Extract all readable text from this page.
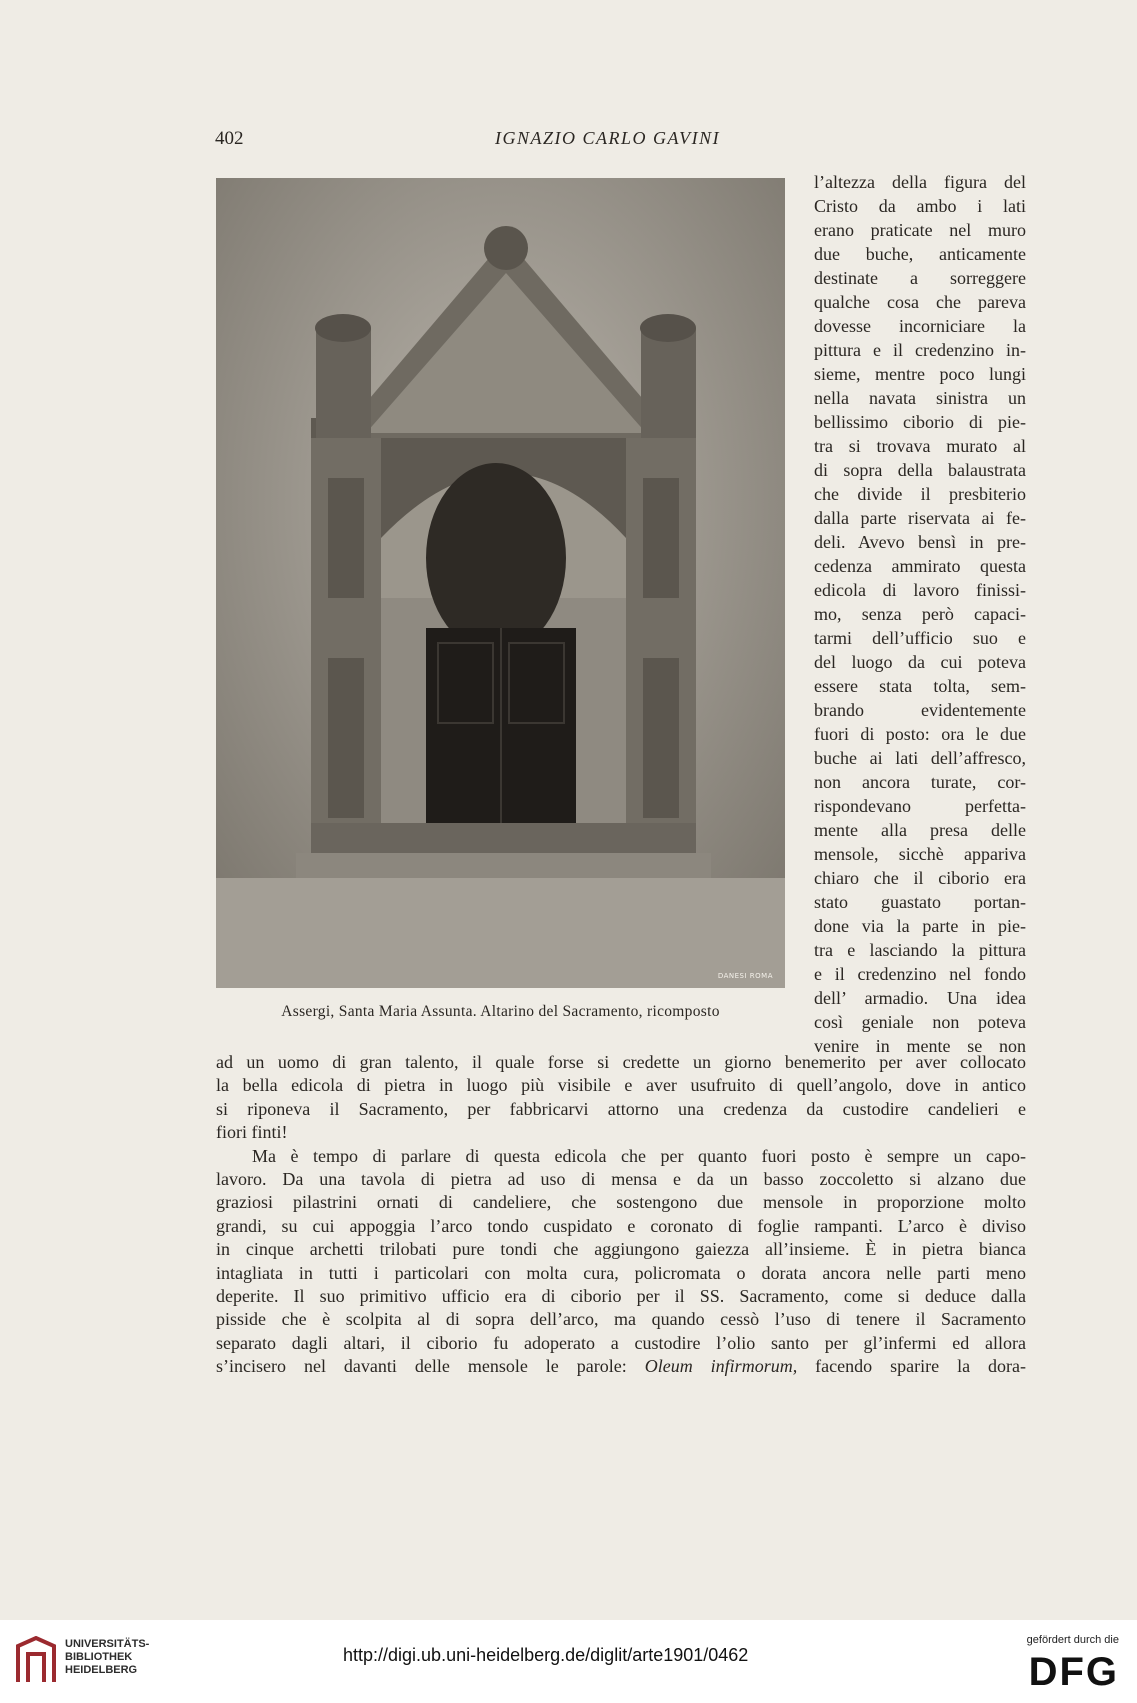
402	IGNAZIO CARLO GAVINI
DANESI ROMA
Assergi, Santa Maria Assunta. Altarino del Sacramento, ricomposto
l’altezza della figura del
Cristo da ambo i lati
erano praticate nel muro
due buche, anticamente
destinate a sorreggere
qualche cosa che pareva
dovesse incorniciare la
pittura e il credenzino in-
sieme, mentre poco lungi
nella navata sinistra un
bellissimo ciborio di pie-
tra si trovava murato al
di sopra della balaustrata
che divide il presbiterio
dalla parte riservata ai fe-
deli. Avevo bensì in pre-
cedenza ammirato questa
edicola di lavoro finissi-
mo, senza però capaci-
tarmi dell’ufficio suo e
del luogo da cui poteva
essere stata tolta, sem-
brando evidentemente
fuori di posto: ora le due
buche ai lati dell’affresco,
non ancora turate, cor-
rispondevano perfetta-
mente alla presa delle
mensole, sicchè appariva
chiaro che il ciborio era
stato guastato portan-
done via la parte in pie-
tra e lasciando la pittura
e il credenzino nel fondo
dell’ armadio. Una idea
così geniale non poteva
venire in mente se non
ad un uomo di gran talento, il quale forse si credette un giorno benemerito per aver collocato
la bella edicola di pietra in luogo più visibile e aver usufruito di quell’angolo, dove in antico
si riponeva il Sacramento, per fabbricarvi attorno una credenza da custodire candelieri e
fiori finti!
Ma è tempo di parlare di questa edicola che per quanto fuori posto è sempre un capo-
lavoro. Da una tavola di pietra ad uso di mensa e da un basso zoccoletto si alzano due
graziosi pilastrini ornati di candeliere, che sostengono due mensole in proporzione molto
grandi, su cui appoggia l’arco tondo cuspidato e coronato di foglie rampanti. L’arco è diviso
in cinque archetti trilobati pure tondi che aggiungono gaiezza all’insieme. È in pietra bianca
intagliata in tutti i particolari con molta cura, policromata o dorata ancora nelle parti meno
deperite. Il suo primitivo ufficio era di ciborio per il SS. Sacramento, come si deduce dalla
pisside che è scolpita al di sopra dell’arco, ma quando cessò l’uso di tenere il Sacramento
separato dagli altari, il ciborio fu adoperato a custodire l’olio santo per gl’infermi ed allora
s’incisero nel davanti delle mensole le parole: Oleum infirmorum, facendo sparire la dora-
UNIVERSITÄTS-
BIBLIOTHEK
HEIDELBERG
http://digi.ub.uni-heidelberg.de/diglit/arte1901/0462
gefördert durch die
DFG
